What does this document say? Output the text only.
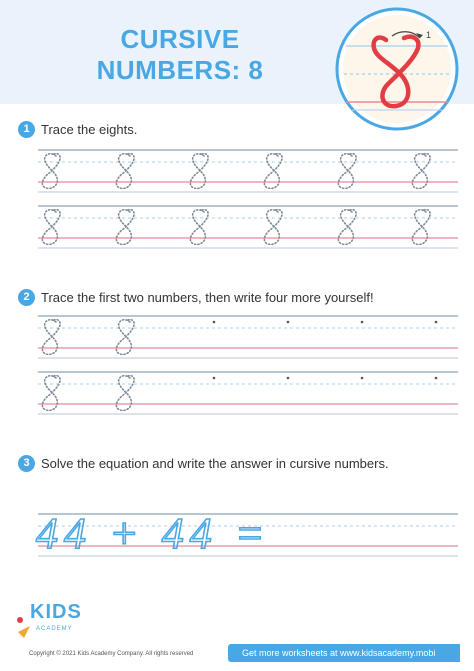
CURSIVE
NUMBERS: 8
1
1 Trace the eights.
2 Trace the first two numbers, then write four more yourself!
3 Solve the equation and write the answer in cursive numbers.
44 + 44 =
KIDS
ACADEMY
Copyright © 2021 Kids Academy Company. All rights reserved	Get more worksheets at www.kidsacademy.mobi
